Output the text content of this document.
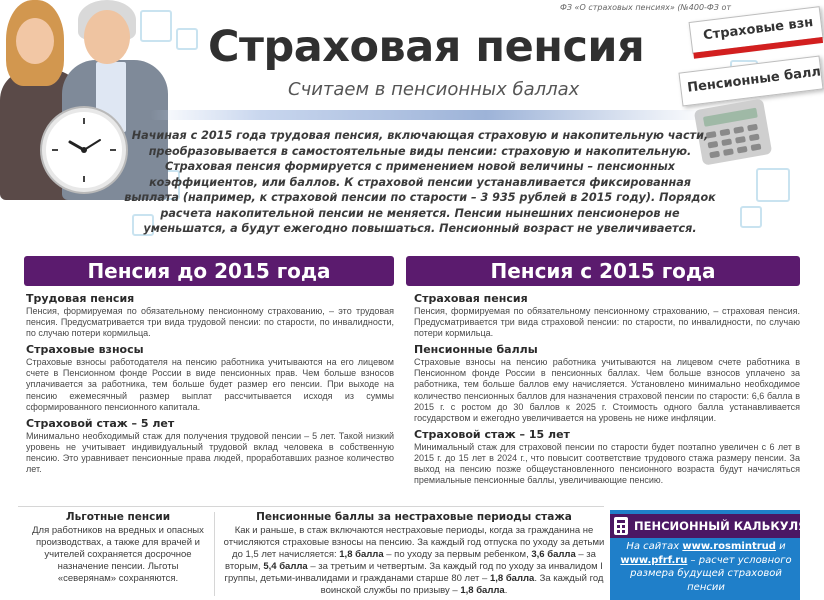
ФЗ «О страховых пенсиях» (№400-ФЗ от
Страховые взн
Пенсионные балл
Страховая пенсия
Считаем в пенсионных баллах
Начиная с 2015 года трудовая пенсия, включающая страховую и накопительную части, преобразовывается в самостоятельные виды пенсии: страховую и накопительную. Страховая пенсия формируется с применением новой величины – пенсионных коэффициентов, или баллов. К страховой пенсии устанавливается фиксированная выплата (например, к страховой пенсии по старости – 3 935 рублей в 2015 году). Порядок расчета накопительной пенсии не меняется. Пенсии нынешних пенсионеров не уменьшатся, а будут ежегодно повышаться. Пенсионный возраст не увеличивается.
Пенсия до 2015 года	Пенсия с 2015 года
Трудовая пенсия

Пенсия, формируемая по обязательному пенсионному страхованию, – это трудовая пенсия. Предусматривается три вида трудовой пенсии: по старости, по инвалидности, по случаю потери кормильца.

Страховые взносы

Страховые взносы работодателя на пенсию работника учитываются на его лицевом счете в Пенсионном фонде России в виде пенсионных прав. Чем больше взносов уплачивается за работника, тем больше будет размер его пенсии. При выходе на пенсию ежемесячный размер выплат рассчитывается исходя из суммы сформированного пенсионного капитала.

Страховой стаж – 5 лет

Минимально необходимый стаж для получения трудовой пенсии – 5 лет. Такой низкий уровень не учитывает индивидуальный трудовой вклад человека в собственную пенсию. Это уравнивает пенсионные права людей, проработавших разное количество лет.

Страховая пенсия

Пенсия, формируемая по обязательному пенсионному страхованию, – страховая пенсия. Предусматривается три вида страховой пенсии: по старости, по инвалидности, по случаю потери кормильца.

Пенсионные баллы

Страховые взносы на пенсию работника учитываются на лицевом счете работника в Пенсионном фонде России в пенсионных баллах. Чем больше взносов уплачено за работника, тем больше баллов ему начисляется. Установлено минимально необходимое количество пенсионных баллов для назначения страховой пенсии по старости: 6,6 балла в 2015 г. с ростом до 30 баллов к 2025 г. Стоимость одного балла устанавливается государством и ежегодно увеличивается на уровень не ниже инфляции.

Страховой стаж – 15 лет

Минимальный стаж для страховой пенсии по старости будет поэтапно увеличен с 6 лет в 2015 г. до 15 лет в 2024 г., что повысит соответствие трудового стажа размеру пенсии. За выход на пенсию позже общеустановленного пенсионного возраста будут начисляться премиальные пенсионные баллы, увеличивающие пенсию.

Льготные пенсии

Для работников на вредных и опасных производствах, а также для врачей и учителей сохраняется досрочное назначение пенсии. Льготы «северянам» сохраняются.

Пенсионные баллы за нестраховые периоды стажа

Как и раньше, в стаж включаются нестраховые периоды, когда за гражданина не отчисляются страховые взносы на пенсию. За каждый год отпуска по уходу за детьми до 1,5 лет начисляется: 1,8 балла – по уходу за первым ребенком, 3,6 балла – за вторым, 5,4 балла – за третьим и четвертым. За каждый год по уходу за инвалидом I группы, детьми-инвалидами и гражданами старше 80 лет – 1,8 балла. За каждый год воинской службы по призыву – 1,8 балла.

ПЕНСИОННЫЙ КАЛЬКУЛЯТ
На сайтах www.rosmintrud и www.pfrf.ru – расчет условного размера будущей страховой пенсии
